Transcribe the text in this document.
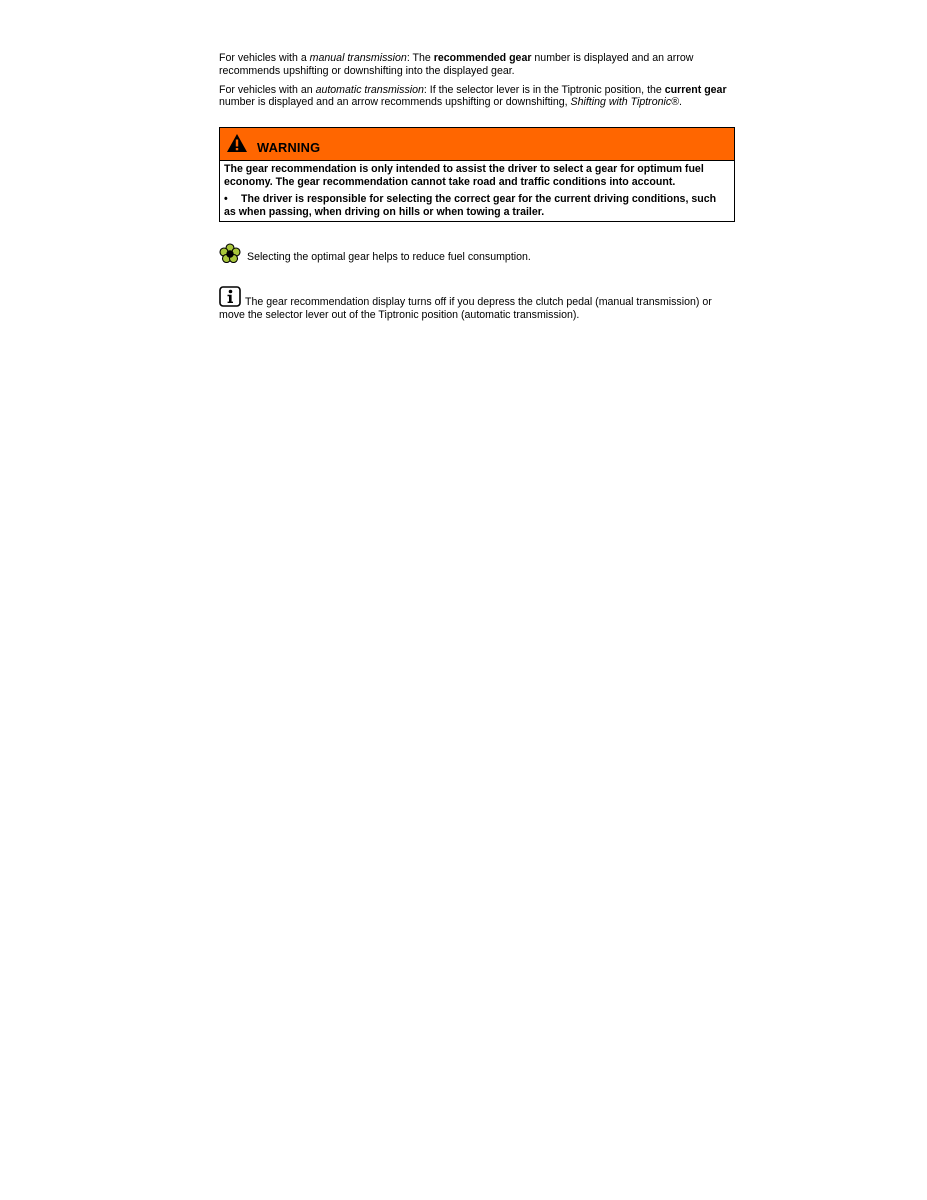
For vehicles with a manual transmission: The recommended gear number is displayed and an arrow recommends upshifting or downshifting into the displayed gear.

For vehicles with an automatic transmission: If the selector lever is in the Tiptronic position, the current gear number is displayed and an arrow recommends upshifting or downshifting, Shifting with Tiptronic®.

WARNING

The gear recommendation is only intended to assist the driver to select a gear for optimum fuel economy. The gear recommendation cannot take road and traffic conditions into account.

• The driver is responsible for selecting the correct gear for the current driving conditions, such as when passing, when driving on hills or when towing a trailer.

Selecting the optimal gear helps to reduce fuel consumption.

The gear recommendation display turns off if you depress the clutch pedal (manual transmission) or move the selector lever out of the Tiptronic position (automatic transmission).
